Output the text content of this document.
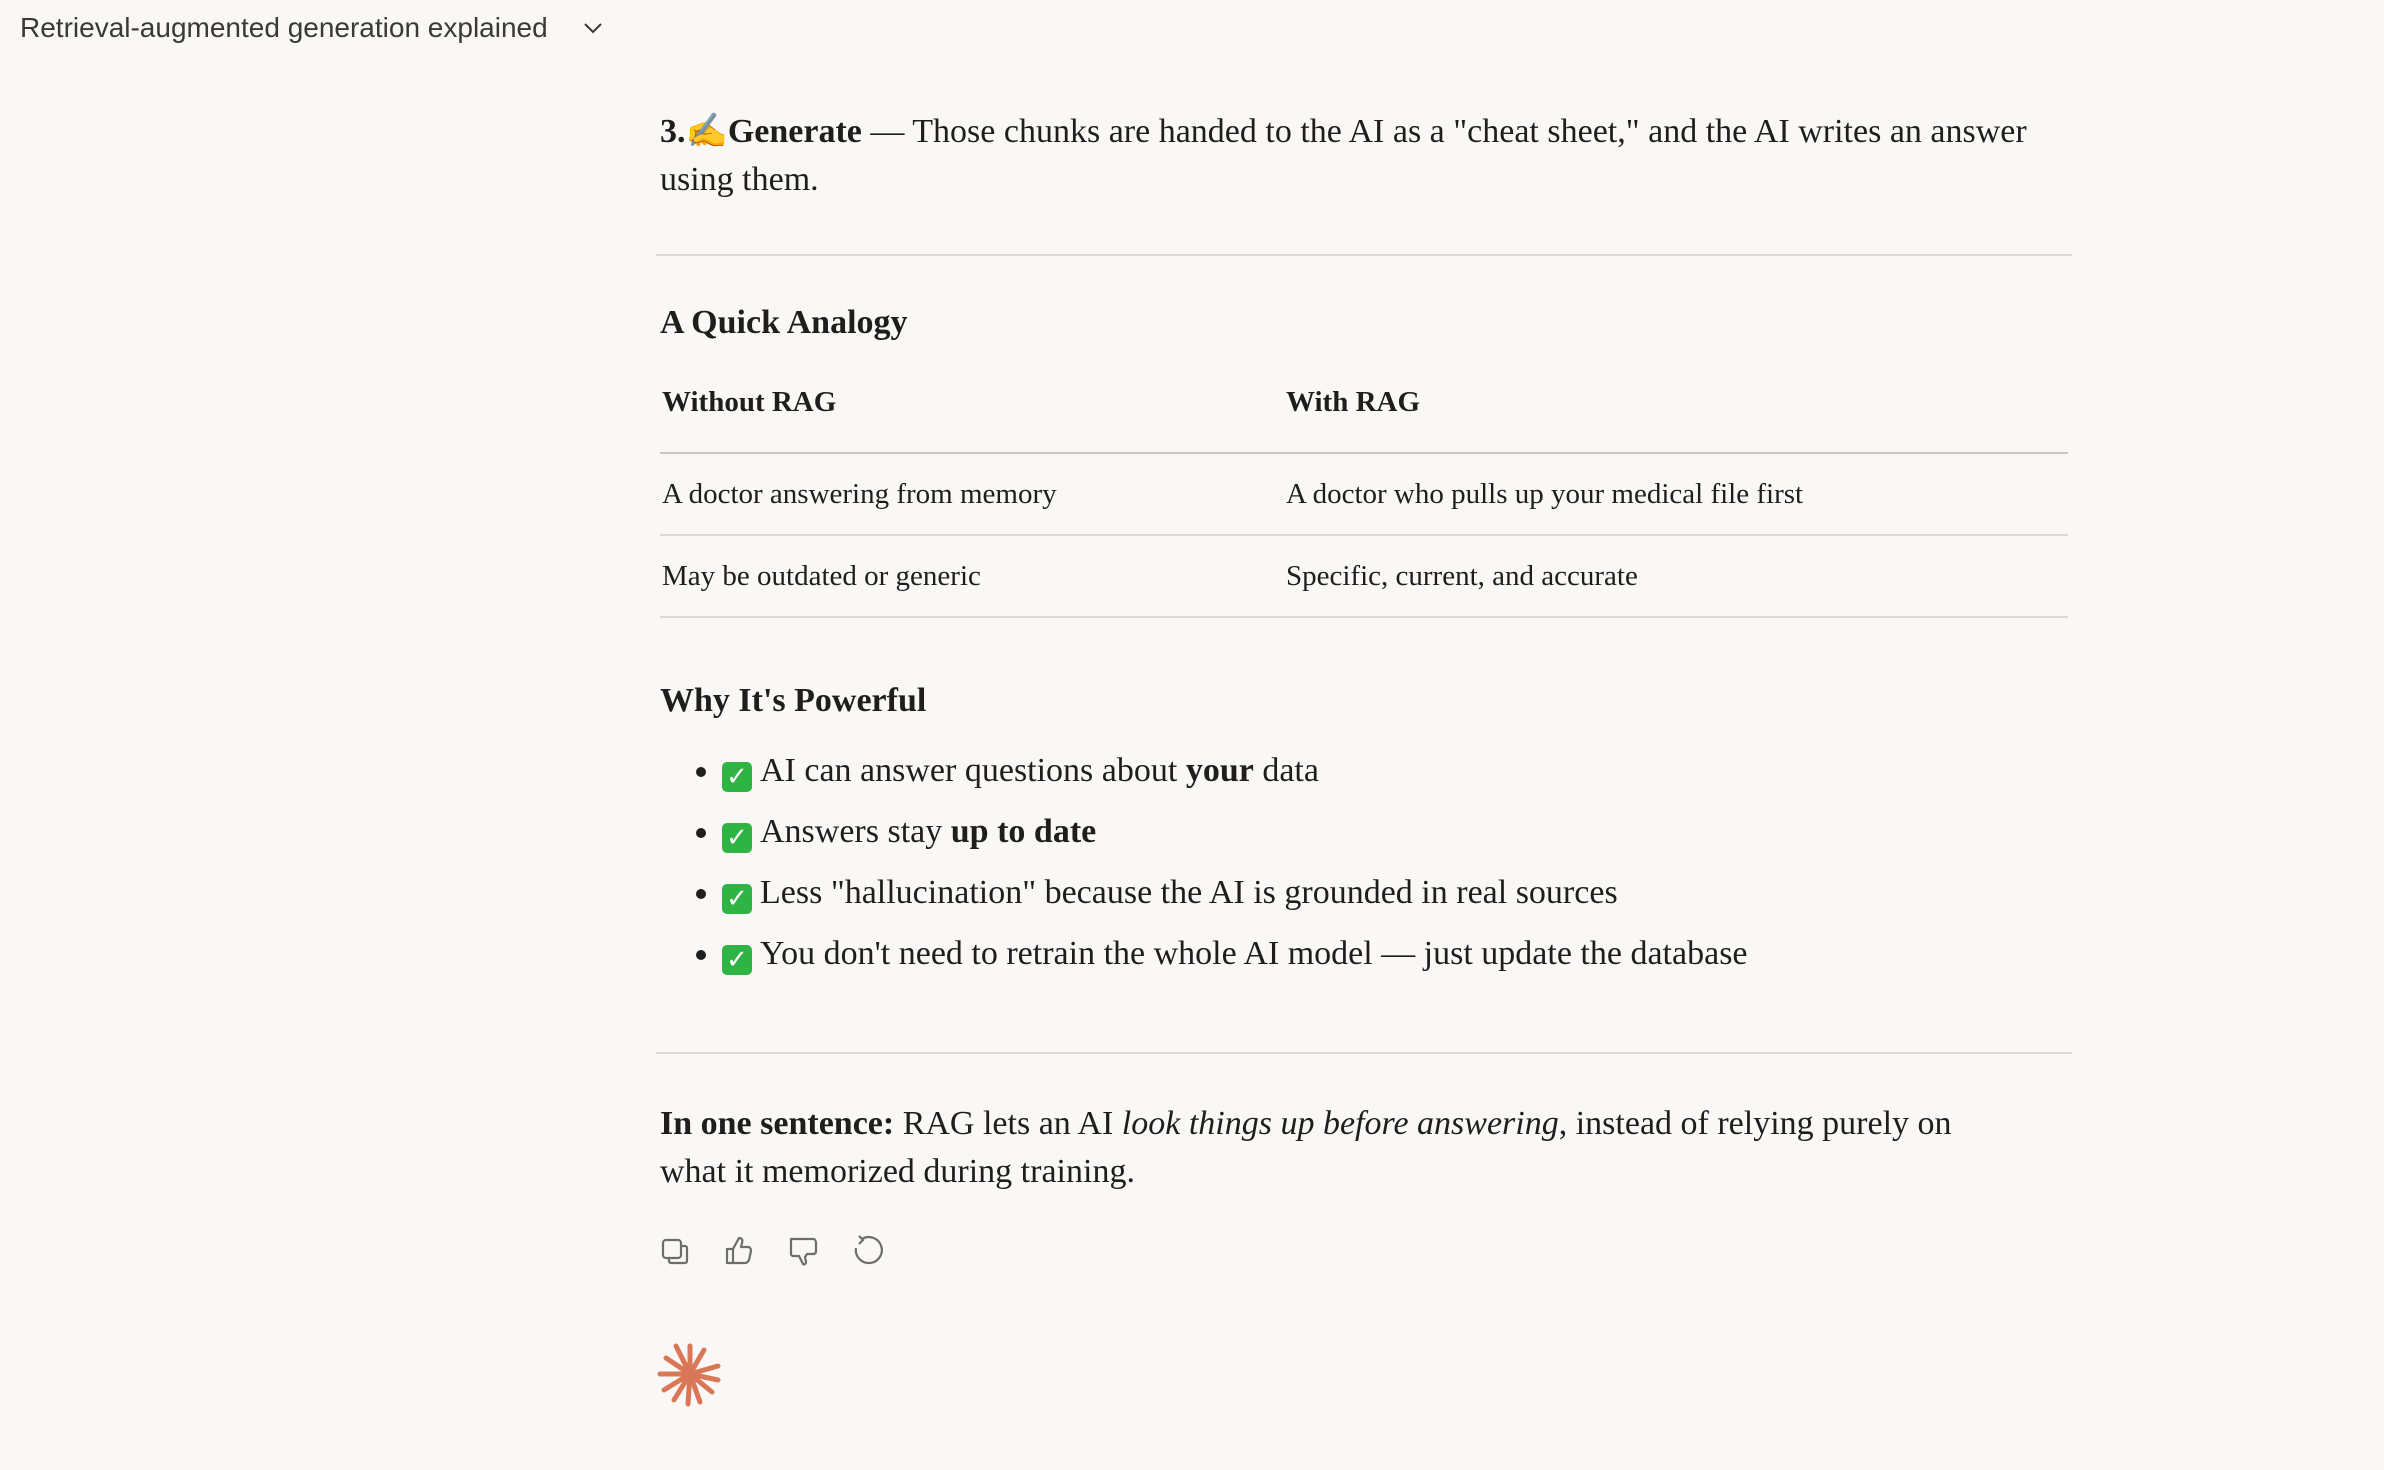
Retrieval-augmented generation explained

3.✍️Generate — Those chunks are handed to the AI as a "cheat sheet," and the AI writes an answer using them.

A Quick Analogy
Without RAG	With RAG
A doctor answering from memory	A doctor who pulls up your medical file first
May be outdated or generic	Specific, current, and accurate
Why It's Powerful
• ✓ AI can answer questions about your data
• ✓ Answers stay up to date
• ✓ Less "hallucination" because the AI is grounded in real sources
• ✓ You don't need to retrain the whole AI model — just update the database

In one sentence: RAG lets an AI look things up before answering, instead of relying purely on what it memorized during training.
